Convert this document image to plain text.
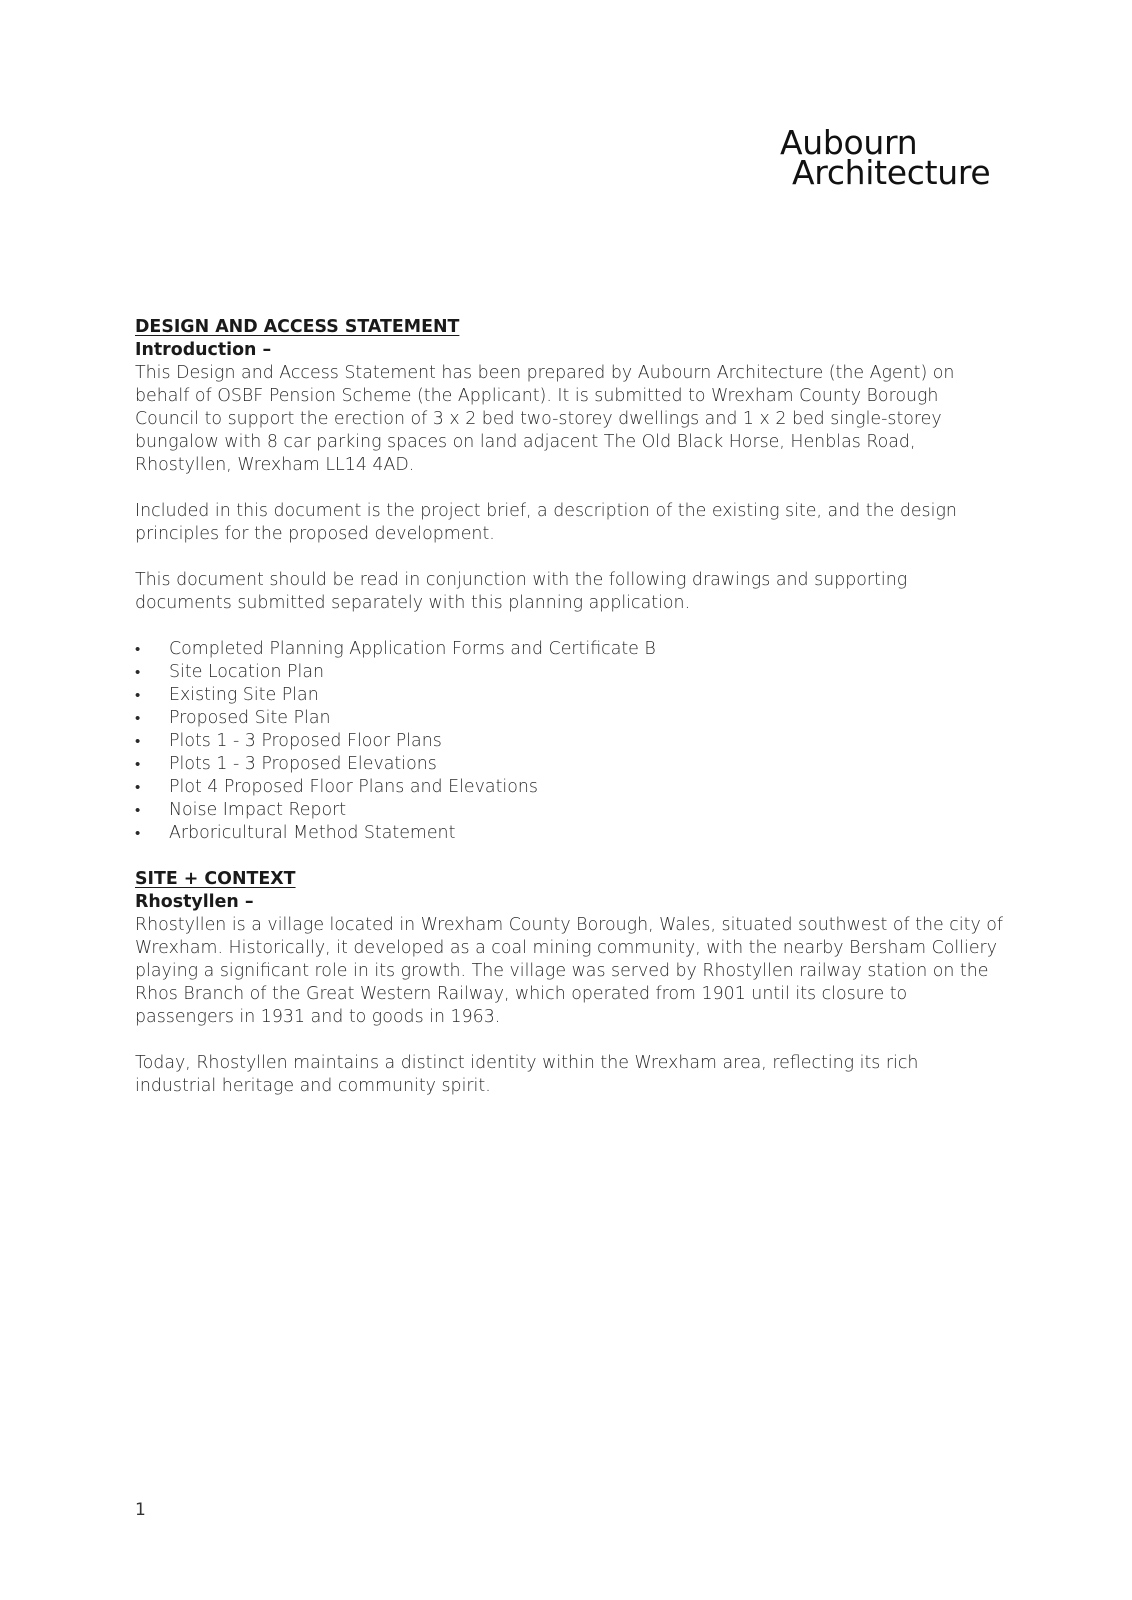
Aubourn
Architecture

DESIGN AND ACCESS STATEMENT

Introduction –

This Design and Access Statement has been prepared by Aubourn Architecture (the Agent) on behalf of OSBF Pension Scheme (the Applicant). It is submitted to Wrexham County Borough Council to support the erection of 3 x 2 bed two-storey dwellings and 1 x 2 bed single-storey bungalow with 8 car parking spaces on land adjacent The Old Black Horse, Henblas Road, Rhostyllen, Wrexham LL14 4AD.

Included in this document is the project brief, a description of the existing site, and the design principles for the proposed development.

This document should be read in conjunction with the following drawings and supporting documents submitted separately with this planning application.

• Completed Planning Application Forms and Certificate B
• Site Location Plan
• Existing Site Plan
• Proposed Site Plan
• Plots 1 - 3 Proposed Floor Plans
• Plots 1 - 3 Proposed Elevations
• Plot 4 Proposed Floor Plans and Elevations
• Noise Impact Report
• Arboricultural Method Statement

SITE + CONTEXT

Rhostyllen –

Rhostyllen is a village located in Wrexham County Borough, Wales, situated southwest of the city of Wrexham. Historically, it developed as a coal mining community, with the nearby Bersham Colliery playing a significant role in its growth. The village was served by Rhostyllen railway station on the Rhos Branch of the Great Western Railway, which operated from 1901 until its closure to passengers in 1931 and to goods in 1963.

Today, Rhostyllen maintains a distinct identity within the Wrexham area, reflecting its rich industrial heritage and community spirit.

1
